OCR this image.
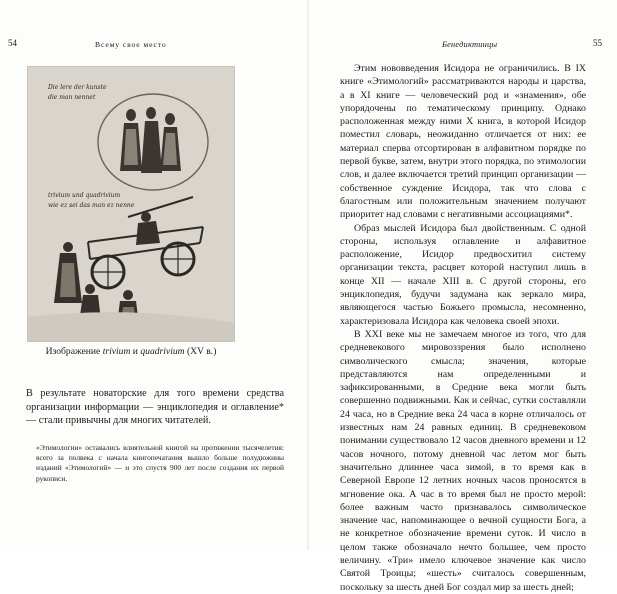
54	Всему свое место
Die lere der kunste
die man nennet
trivium und quadrivium
wie ez sei das man ez nenne
Изображение trivium и quadrivium (XV в.)

В результате новаторские для того времени средства организации информации — энциклопедия и оглавление* — стали привычны для многих читателей.

«Этимологии» оставались влиятельной книгой на протяжении тысячелетия: всего за полвека с начала книгопечатания вышло больше полудюжины изданий «Этимологий» — и это спустя 900 лет после создания их первой рукописи.
Бенедиктинцы	55

Этим нововведения Исидора не ограничились. В IX книге «Этимологий» рассматриваются народы и царства, а в XI книге — человеческий род и «знамения», обе упорядочены по тематическому принципу. Однако расположенная между ними X книга, в которой Исидор поместил словарь, неожиданно отличается от них: ее материал сперва отсортирован в алфавитном порядке по первой букве, затем, внутри этого порядка, по этимологии слов, и далее включается третий принцип организации — собственное суждение Исидора, так что слова с благостным или положительным значением получают приоритет над словами с негативными ассоциациями*.

Образ мыслей Исидора был двойственным. С одной стороны, используя оглавление и алфавитное расположение, Исидор предвосхитил систему организации текста, расцвет которой наступил лишь в конце XII — начале XIII в. С другой стороны, его энциклопедия, будучи задумана как зеркало мира, являющегося частью Божьего промысла, несомненно, характеризовала Исидора как человека своей эпохи.

В XXI веке мы не замечаем многое из того, что для средневекового мировоззрения было исполнено символического смысла; значения, которые представляются нам определенными и зафиксированными, в Средние века могли быть совершенно подвижными. Как и сейчас, сутки составляли 24 часа, но в Средние века 24 часа в корне отличалось от известных нам 24 равных единиц. В средневековом понимании существовало 12 часов дневного времени и 12 часов ночного, потому дневной час летом мог быть значительно длиннее часа зимой, в то время как в Северной Европе 12 летних ночных часов проносятся в мгновение ока. А час в то время был не просто мерой: более важным часто признавалось символическое значение час, напоминающее о вечной сущности Бога, а не конкретное обозначение времени суток. И число в целом также обозначало нечто большее, чем просто величину. «Три» имело ключевое значение как число Святой Троицы; «шесть» считалось совершенным, поскольку за шесть дней Бог создал мир за шесть дней;
